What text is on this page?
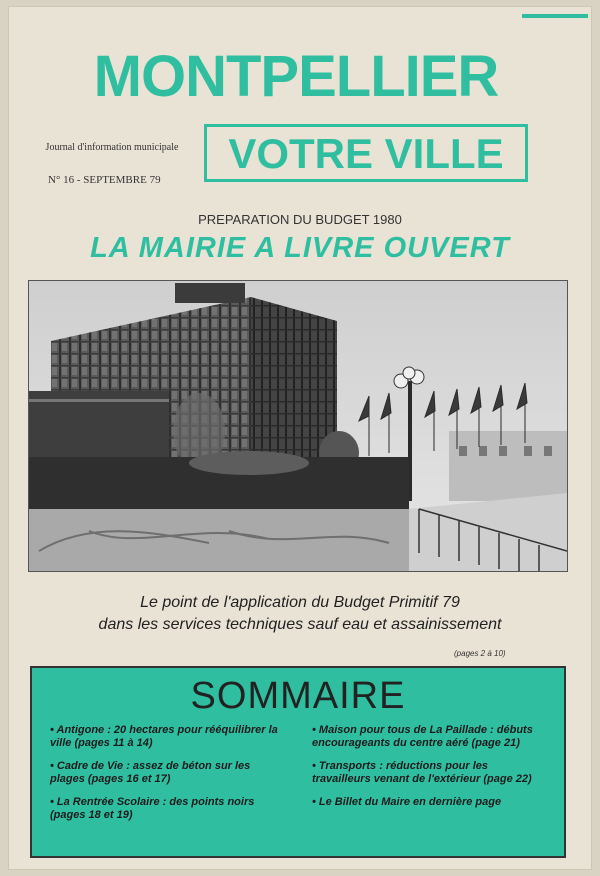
MONTPELLIER
Journal d'information municipale
N° 16 - SEPTEMBRE 79
VOTRE VILLE
PREPARATION DU BUDGET 1980
LA MAIRIE A LIVRE OUVERT
Le point de l'application du Budget Primitif 79
dans les services techniques sauf eau et assainissement
(pages 2 à 10)
SOMMAIRE
• Antigone : 20 hectares pour rééquilibrer la ville (pages 11 à 14)
• Cadre de Vie : assez de béton sur les plages (pages 16 et 17)
• La Rentrée Scolaire : des points noirs (pages 18 et 19)
• Maison pour tous de La Paillade : débuts encourageants du centre aéré (page 21)
• Transports : réductions pour les travailleurs venant de l'extérieur (page 22)
• Le Billet du Maire en dernière page
